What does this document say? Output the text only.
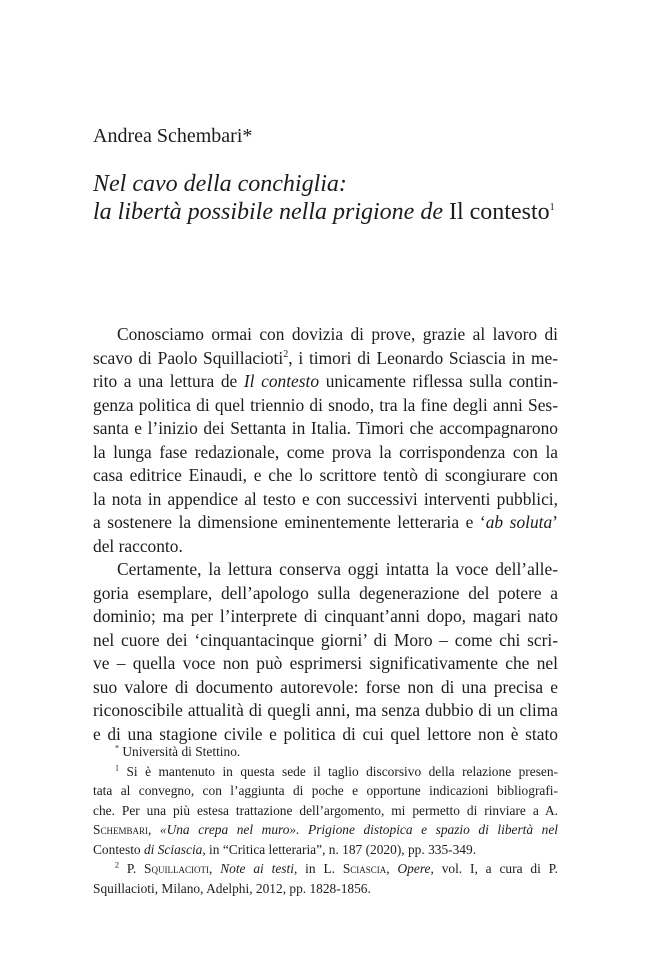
Andrea Schembari*
Nel cavo della conchiglia:
la libertà possibile nella prigione de Il contesto$^1$
Conosciamo ormai con dovizia di prove, grazie al lavoro di
scavo di Paolo Squillacioti$^2$, i timori di Leonardo Sciascia in me-
rito a una lettura de Il contesto unicamente riflessa sulla contin-
genza politica di quel triennio di snodo, tra la fine degli anni Ses-
santa e l’inizio dei Settanta in Italia. Timori che accompagnarono
la lunga fase redazionale, come prova la corrispondenza con la
casa editrice Einaudi, e che lo scrittore tentò di scongiurare con
la nota in appendice al testo e con successivi interventi pubblici,
a sostenere la dimensione eminentemente letteraria e ‘ab soluta’
del racconto.
Certamente, la lettura conserva oggi intatta la voce dell’alle-
goria esemplare, dell’apologo sulla degenerazione del potere a
dominio; ma per l’interprete di cinquant’anni dopo, magari nato
nel cuore dei ‘cinquantacinque giorni’ di Moro – come chi scri-
ve – quella voce non può esprimersi significativamente che nel
suo valore di documento autorevole: forse non di una precisa e
riconoscibile attualità di quegli anni, ma senza dubbio di un clima
e di una stagione civile e politica di cui quel lettore non è stato
* Università di Stettino.
$^1$ Si è mantenuto in questa sede il taglio discorsivo della relazione presen-
tata al convegno, con l’aggiunta di poche e opportune indicazioni bibliografi-
che. Per una più estesa trattazione dell’argomento, mi permetto di rinviare a A.
Schembari, «Una crepa nel muro». Prigione distopica e spazio di libertà nel
Contesto di Sciascia, in “Critica letteraria”, n. 187 (2020), pp. 335-349.
$^2$ P. Squillacioti, Note ai testi, in L. Sciascia, Opere, vol. I, a cura di P.
Squillacioti, Milano, Adelphi, 2012, pp. 1828-1856.
